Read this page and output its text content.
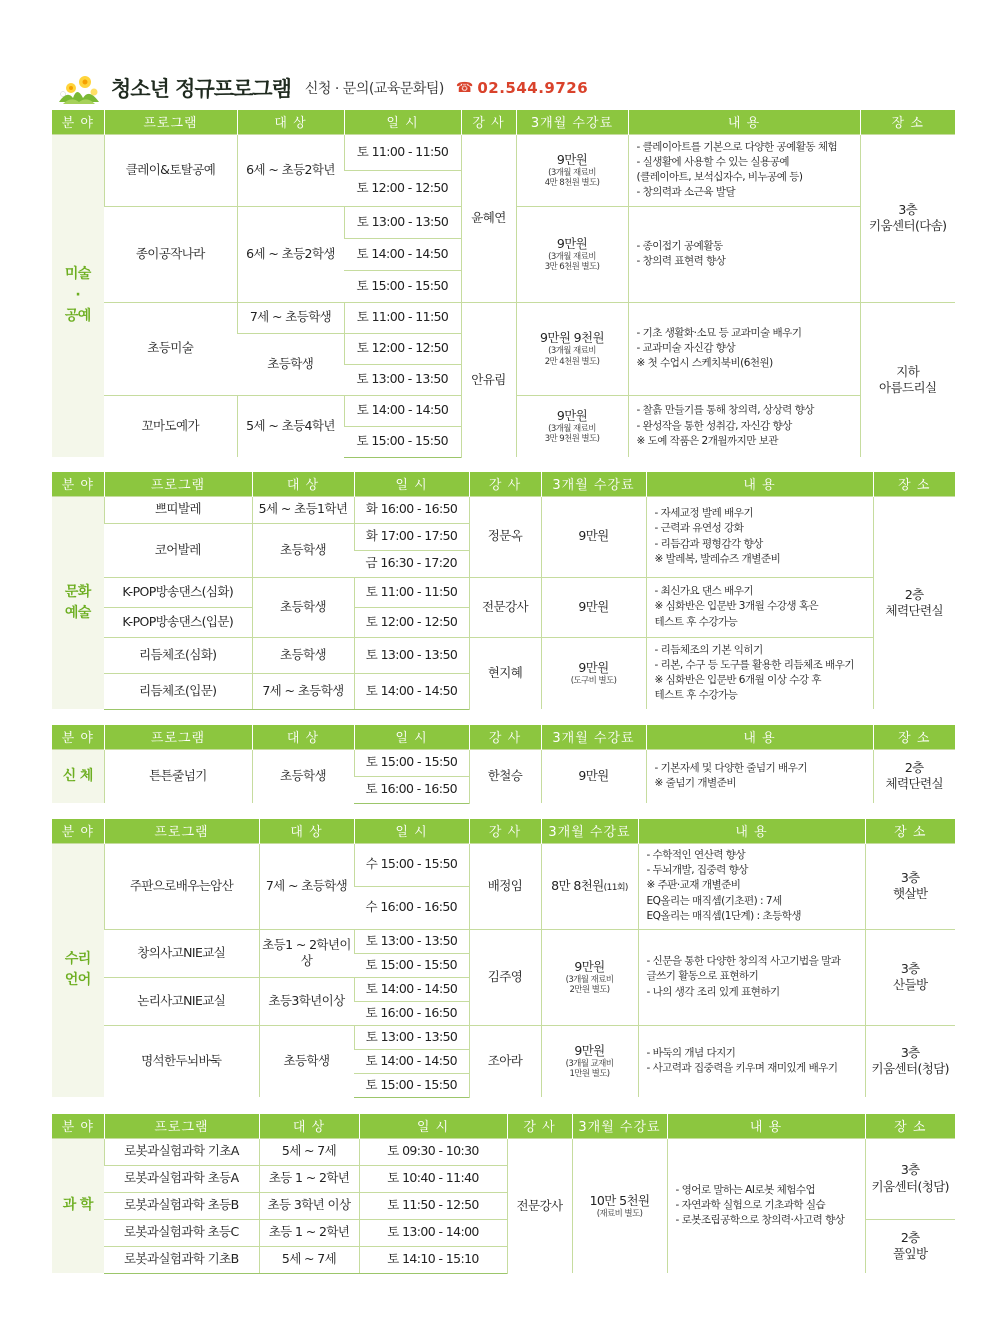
청소년 정규프로그램 신청 · 문의(교육문화팀) ☎ 02.544.9726
분 야	프로그램	대 상	일 시	강 사	3개월 수강료	내 용	장 소
미술
·
공예	클레이&토탈공예	6세 ~ 초등2학년	토 11:00 - 11:50	윤혜연	9만원
(3개월 재료비
4만 8천원 별도)	- 클레이아트를 기본으로 다양한 공예활동 체험
- 실생활에 사용할 수 있는 실용공예
(클레이아트, 보석십자수, 비누공예 등)
- 창의력과 소근육 발달	3층
키움센터(다솜)
			토 12:00 - 12:50				
	종이공작나라	6세 ~ 초등2학생	토 13:00 - 13:50		9만원
(3개월 재료비
3만 6천원 별도)	- 종이접기 공예활동
- 창의력 표현력 향상	
			토 14:00 - 14:50				
			토 15:00 - 15:50				
	초등미술	7세 ~ 초등학생	토 11:00 - 11:50	안유림	9만원 9천원
(3개월 재료비
2만 4천원 별도)	- 기초 생활화·소묘 등 교과미술 배우기
- 교과미술 자신감 향상
※ 첫 수업시 스케치북비(6천원)	지하
아름드리실
		초등학생	토 12:00 - 12:50				
			토 13:00 - 13:50				
	꼬마도예가	5세 ~ 초등4학년	토 14:00 - 14:50		9만원
(3개월 재료비
3만 9천원 별도)	- 찰흙 만들기를 통해 창의력, 상상력 향상
- 완성작을 통한 성취감, 자신감 향상
※ 도예 작품은 2개월까지만 보관	
			토 15:00 - 15:50				
분 야	프로그램	대 상	일 시	강 사	3개월 수강료	내 용	장 소
문화
예술	쁘띠발레	5세 ~ 초등1학년	화 16:00 - 16:50	정문옥	9만원	- 자세교정 발레 배우기
- 근력과 유연성 강화
- 리듬감과 평형감각 향상
※ 발레복, 발레슈즈 개별준비	2층
체력단련실
	코어발레	초등학생	화 17:00 - 17:50				
			금 16:30 - 17:20				
	K-POP방송댄스(심화)	초등학생	토 11:00 - 11:50	전문강사	9만원	- 최신가요 댄스 배우기
※ 심화반은 입문반 3개월 수강생 혹은
테스트 후 수강가능	
	K-POP방송댄스(입문)		토 12:00 - 12:50				
	리듬체조(심화)	초등학생	토 13:00 - 13:50	현지혜	9만원
(도구비 별도)	- 리듬체조의 기본 익히기
- 리본, 수구 등 도구를 활용한 리듬체조 배우기
※ 심화반은 입문반 6개월 이상 수강 후
테스트 후 수강가능	
	리듬체조(입문)	7세 ~ 초등학생	토 14:00 - 14:50				
분 야	프로그램	대 상	일 시	강 사	3개월 수강료	내 용	장 소
신 체	튼튼줄넘기	초등학생	토 15:00 - 15:50	한철승	9만원	- 기본자세 및 다양한 줄넘기 배우기
※ 줄넘기 개별준비	2층
체력단련실
			토 16:00 - 16:50				
분 야	프로그램	대 상	일 시	강 사	3개월 수강료	내 용	장 소
수리
언어	주판으로배우는암산	7세 ~ 초등학생	수 15:00 - 15:50	배정임	8만 8천원(11회)	- 수학적인 연산력 향상
- 두뇌개발, 집중력 향상
※ 주판·교재 개별준비
EQ올리는 매직셈(기초편) : 7세
EQ올리는 매직셈(1단계) : 초등학생	3층
햇살반
			수 16:00 - 16:50				
	창의사고NIE교실	초등1 ~ 2학년이상	토 13:00 - 13:50	김주영	9만원
(3개월 재료비
2만원 별도)	- 신문을 통한 다양한 창의적 사고기법을 말과
글쓰기 활동으로 표현하기
- 나의 생각 조리 있게 표현하기	3층
산들방
			토 15:00 - 15:50				
	논리사고NIE교실	초등3학년이상	토 14:00 - 14:50				
			토 16:00 - 16:50				
	명석한두뇌바둑	초등학생	토 13:00 - 13:50	조아라	9만원
(3개월 교재비
1만원 별도)	- 바둑의 개념 다지기
- 사고력과 집중력을 키우며 재미있게 배우기	3층
키움센터(청담)
			토 14:00 - 14:50				
			토 15:00 - 15:50				
분 야	프로그램	대 상	일 시	강 사	3개월 수강료	내 용	장 소
과 학	로봇과실험과학 기초A	5세 ~ 7세	토 09:30 - 10:30	전문강사	10만 5천원
(재료비 별도)	- 영어로 말하는 AI로봇 체험수업
- 자연과학 실험으로 기초과학 실습
- 로봇조립공학으로 창의력·사고력 향상	3층
키움센터(청담)
	로봇과실험과학 초등A	초등 1 ~ 2학년	토 10:40 - 11:40				
	로봇과실험과학 초등B	초등 3학년 이상	토 11:50 - 12:50				
	로봇과실험과학 초등C	초등 1 ~ 2학년	토 13:00 - 14:00				2층
풀잎방
	로봇과실험과학 기초B	5세 ~ 7세	토 14:10 - 15:10				
